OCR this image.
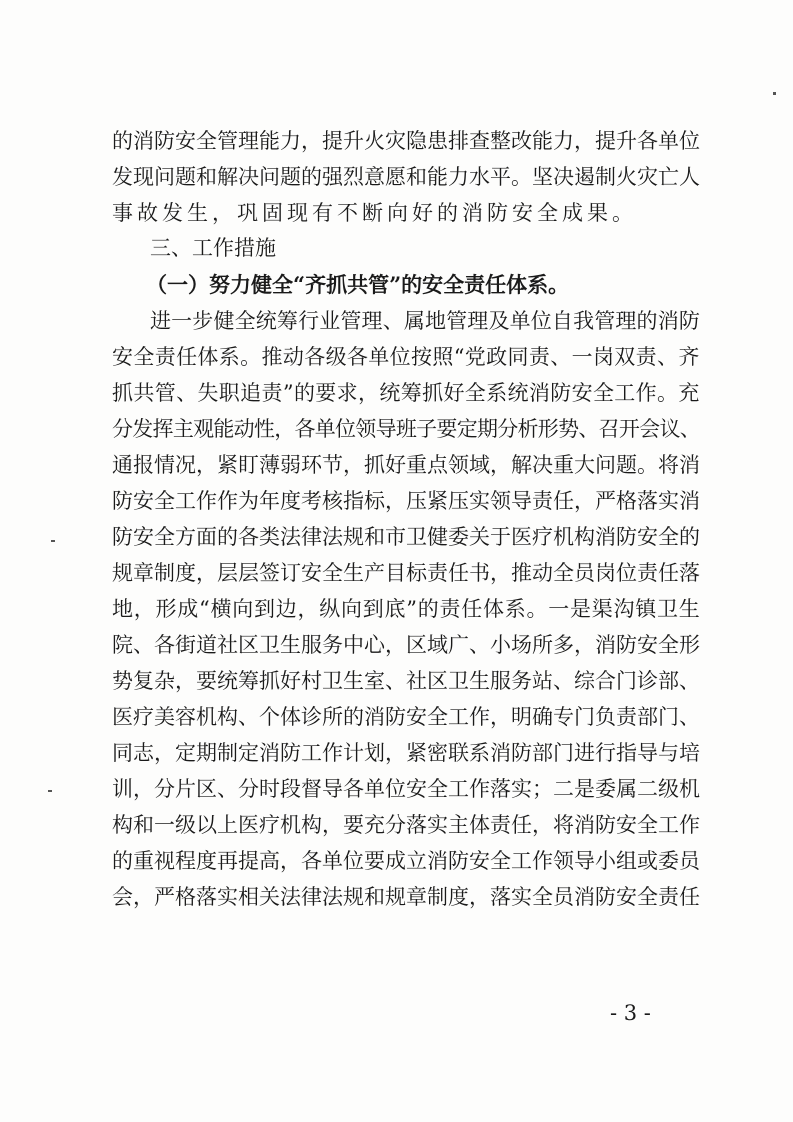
的消防安全管理能力，提升火灾隐患排查整改能力，提升各单位
发现问题和解决问题的强烈意愿和能力水平。坚决遏制火灾亡人
事故发生，巩固现有不断向好的消防安全成果。
三、工作措施
（一）努力健全“齐抓共管”的安全责任体系。
进一步健全统筹行业管理、属地管理及单位自我管理的消防
安全责任体系。推动各级各单位按照“党政同责、一岗双责、齐
抓共管、失职追责”的要求，统筹抓好全系统消防安全工作。充
分发挥主观能动性，各单位领导班子要定期分析形势、召开会议、
通报情况，紧盯薄弱环节，抓好重点领域，解决重大问题。将消
防安全工作作为年度考核指标，压紧压实领导责任，严格落实消
防安全方面的各类法律法规和市卫健委关于医疗机构消防安全的
规章制度，层层签订安全生产目标责任书，推动全员岗位责任落
地，形成“横向到边，纵向到底”的责任体系。一是渠沟镇卫生
院、各街道社区卫生服务中心，区域广、小场所多，消防安全形
势复杂，要统筹抓好村卫生室、社区卫生服务站、综合门诊部、
医疗美容机构、个体诊所的消防安全工作，明确专门负责部门、
同志，定期制定消防工作计划，紧密联系消防部门进行指导与培
训，分片区、分时段督导各单位安全工作落实；二是委属二级机
构和一级以上医疗机构，要充分落实主体责任，将消防安全工作
的重视程度再提高，各单位要成立消防安全工作领导小组或委员
会，严格落实相关法律法规和规章制度，落实全员消防安全责任
- 3 -
